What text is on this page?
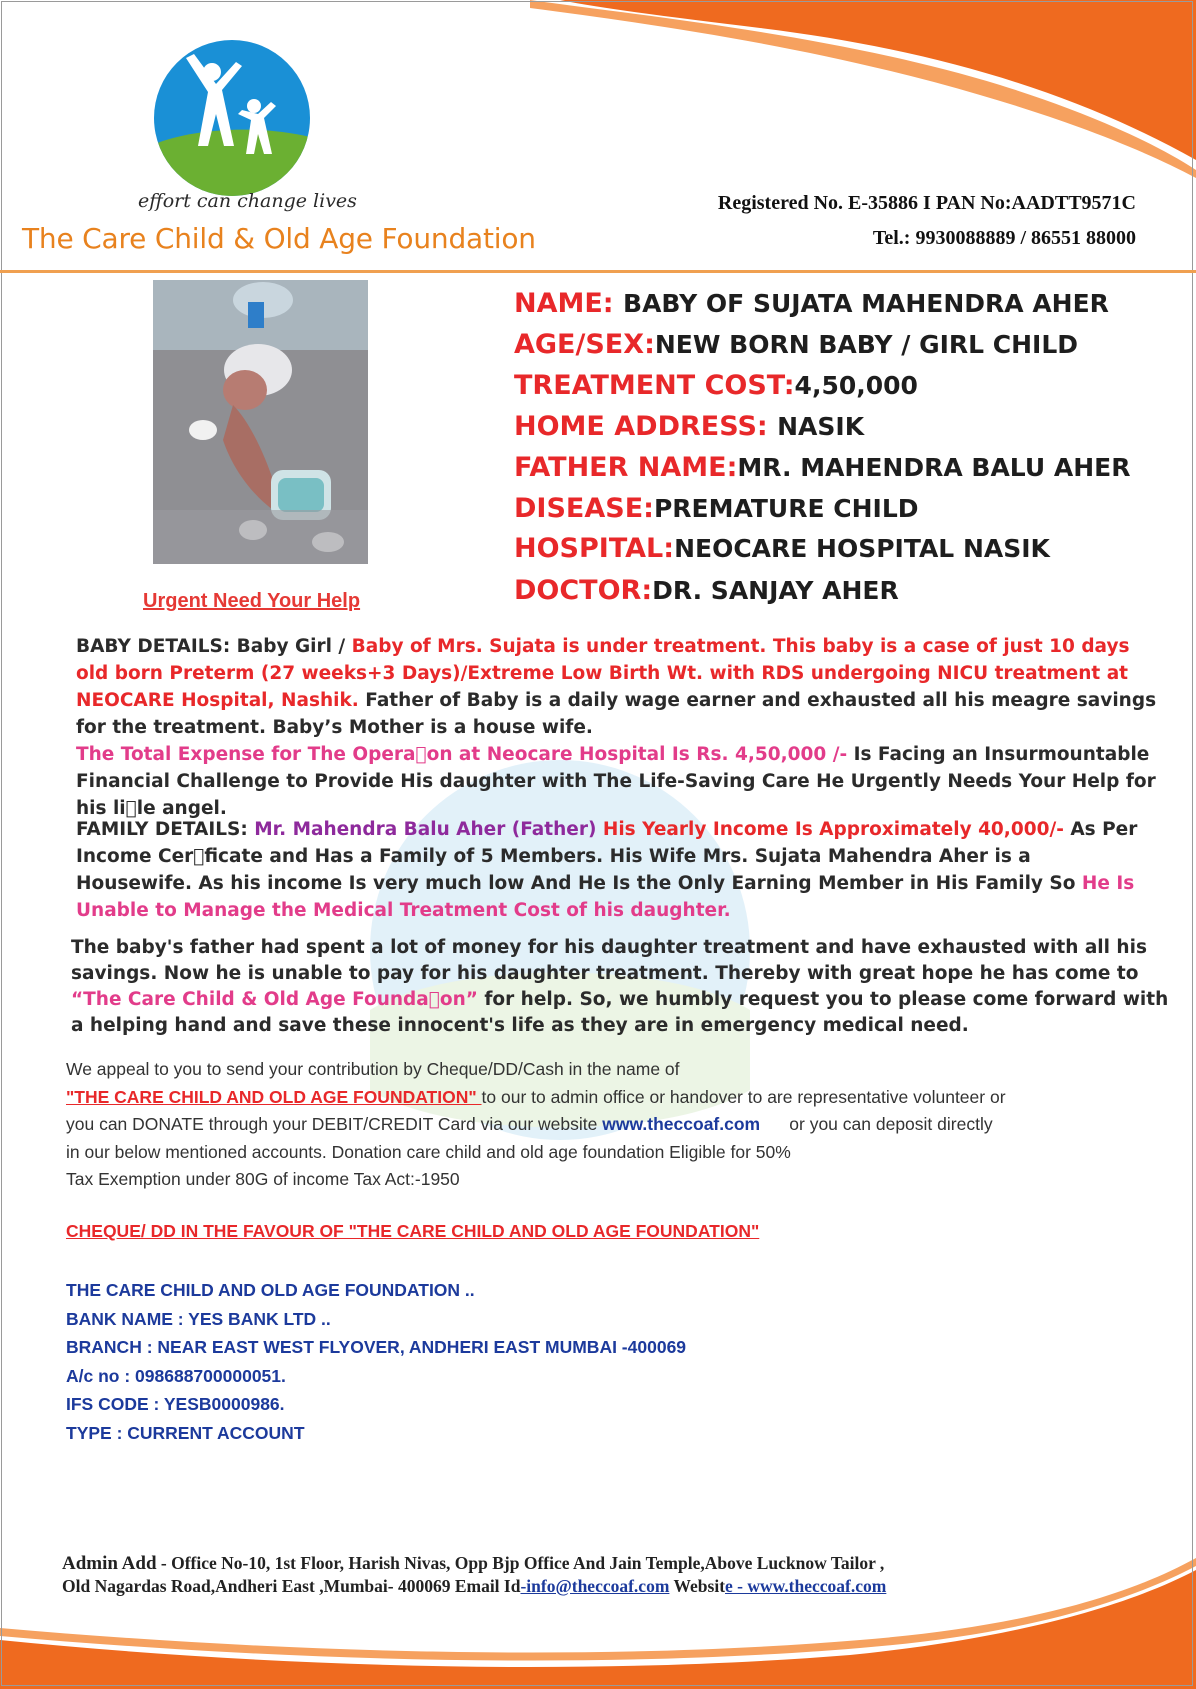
effort can change lives
The Care Child & Old Age Foundation
Registered No. E-35886 I PAN No:AADTT9571C
Tel.: 9930088889 / 86551 88000
Urgent Need Your Help
NAME: BABY OF SUJATA MAHENDRA AHER
AGE/SEX:NEW BORN BABY / GIRL CHILD
TREATMENT COST:4,50,000
HOME ADDRESS: NASIK
FATHER NAME:MR. MAHENDRA BALU AHER
DISEASE:PREMATURE CHILD
HOSPITAL:NEOCARE HOSPITAL NASIK
DOCTOR:DR. SANJAY AHER
BABY DETAILS: Baby Girl / Baby of Mrs. Sujata is under treatment. This baby is a case of just 10 days old born Preterm (27 weeks+3 Days)/Extreme Low Birth Wt. with RDS undergoing NICU treatment at NEOCARE Hospital, Nashik. Father of Baby is a daily wage earner and exhausted all his meagre savings for the treatment. Baby’s Mother is a house wife.
The Total Expense for The Opera on at Neocare Hospital Is Rs. 4,50,000 /- Is Facing an Insurmountable Financial Challenge to Provide His daughter with The Life-Saving Care He Urgently Needs Your Help for his li le angel.
FAMILY DETAILS: Mr. Mahendra Balu Aher (Father) His Yearly Income Is Approximately 40,000/- As Per Income Cer ficate and Has a Family of 5 Members. His Wife Mrs. Sujata Mahendra Aher is a Housewife. As his income Is very much low And He Is the Only Earning Member in His Family So He Is Unable to Manage the Medical Treatment Cost of his daughter.
The baby's father had spent a lot of money for his daughter treatment and have exhausted with all his savings. Now he is unable to pay for his daughter treatment. Thereby with great hope he has come to “The Care Child & Old Age Founda on” for help. So, we humbly request you to please come forward with a helping hand and save these innocent's life as they are in emergency medical need.
We appeal to you to send your contribution by Cheque/DD/Cash in the name of
"THE CARE CHILD AND OLD AGE FOUNDATION" to our to admin office or handover to are representative volunteer or
you can DONATE through your DEBIT/CREDIT Card via our website www.theccoaf.com or you can deposit directly
in our below mentioned accounts. Donation care child and old age foundation Eligible for 50%
Tax Exemption under 80G of income Tax Act:-1950
CHEQUE/ DD IN THE FAVOUR OF "THE CARE CHILD AND OLD AGE FOUNDATION"
THE CARE CHILD AND OLD AGE FOUNDATION ..
BANK NAME : YES BANK LTD ..
BRANCH : NEAR EAST WEST FLYOVER, ANDHERI EAST MUMBAI -400069
A/c no : 098688700000051.
IFS CODE : YESB0000986.
TYPE : CURRENT ACCOUNT
Admin Add - Office No-10, 1st Floor, Harish Nivas, Opp Bjp Office And Jain Temple,Above Lucknow Tailor ,
Old Nagardas Road,Andheri East ,Mumbai- 400069 Email Id-info@theccoaf.com Website - www.theccoaf.com
